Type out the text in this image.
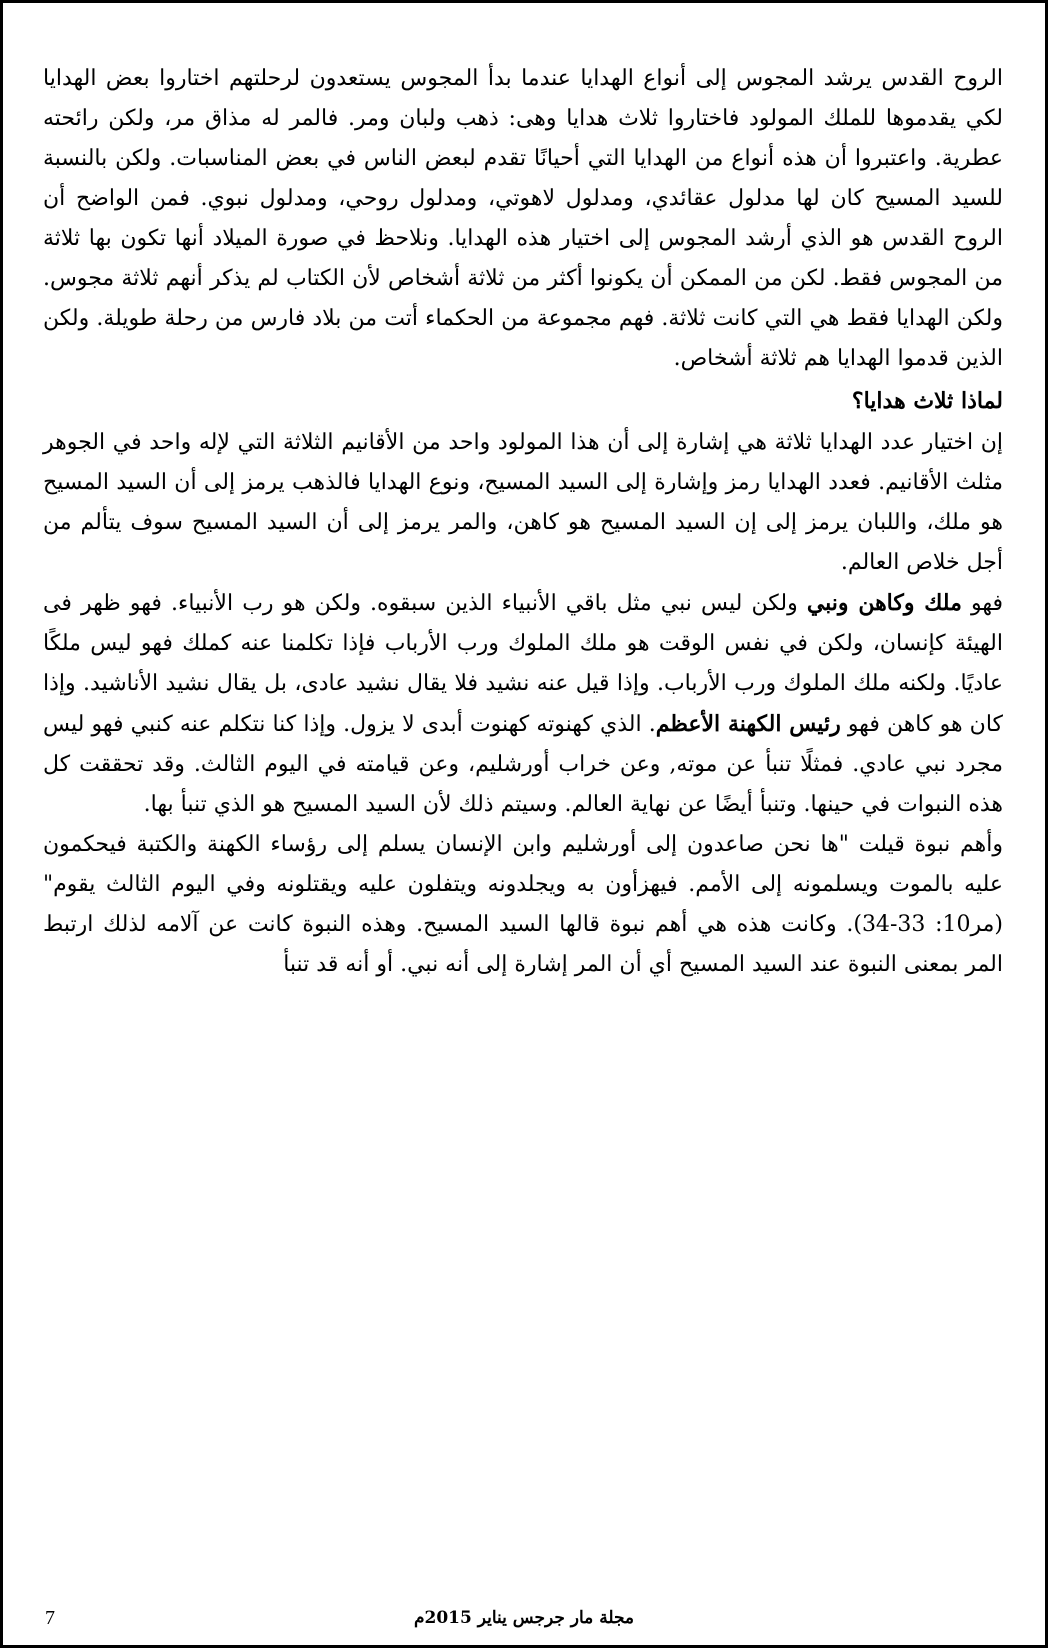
الروح القدس يرشد المجوس إلى أنواع الهدايا عندما بدأ المجوس يستعدون لرحلتهم اختاروا بعض الهدايا لكي يقدموها للملك المولود فاختاروا ثلاث هدايا وهى: ذهب ولبان ومر. فالمر له مذاق مر، ولكن رائحته عطرية. واعتبروا أن هذه أنواع من الهدايا التي أحيانًا تقدم لبعض الناس في بعض المناسبات. ولكن بالنسبة للسيد المسيح كان لها مدلول عقائدي، ومدلول لاهوتي، ومدلول روحي، ومدلول نبوي. فمن الواضح أن الروح القدس هو الذي أرشد المجوس إلى اختيار هذه الهدايا. ونلاحظ في صورة الميلاد أنها تكون بها ثلاثة من المجوس فقط. لكن من الممكن أن يكونوا أكثر من ثلاثة أشخاص لأن الكتاب لم يذكر أنهم ثلاثة مجوس. ولكن الهدايا فقط هي التي كانت ثلاثة. فهم مجموعة من الحكماء أتت من بلاد فارس من رحلة طويلة. ولكن الذين قدموا الهدايا هم ثلاثة أشخاص.

لماذا ثلاث هدايا؟

إن اختيار عدد الهدايا ثلاثة هي إشارة إلى أن هذا المولود واحد من الأقانيم الثلاثة التي لإله واحد في الجوهر مثلث الأقانيم. فعدد الهدايا رمز وإشارة إلى السيد المسيح، ونوع الهدايا فالذهب يرمز إلى أن السيد المسيح هو ملك، واللبان يرمز إلى إن السيد المسيح هو كاهن، والمر يرمز إلى أن السيد المسيح سوف يتألم من أجل خلاص العالم.

فهو ملك وكاهن ونبي ولكن ليس نبي مثل باقي الأنبياء الذين سبقوه. ولكن هو رب الأنبياء. فهو ظهر فى الهيئة كإنسان، ولكن في نفس الوقت هو ملك الملوك ورب الأرباب فإذا تكلمنا عنه كملك فهو ليس ملكًا عاديًا. ولكنه ملك الملوك ورب الأرباب. وإذا قيل عنه نشيد فلا يقال نشيد عادى، بل يقال نشيد الأناشيد. وإذا كان هو كاهن فهو رئيس الكهنة الأعظم. الذي كهنوته كهنوت أبدى لا يزول. وإذا كنا نتكلم عنه كنبي فهو ليس مجرد نبي عادي. فمثلًا تنبأ عن موته, وعن خراب أورشليم، وعن قيامته في اليوم الثالث. وقد تحققت كل هذه النبوات في حينها. وتنبأ أيضًا عن نهاية العالم. وسيتم ذلك لأن السيد المسيح هو الذي تنبأ بها.

وأهم نبوة قيلت "ها نحن صاعدون إلى أورشليم وابن الإنسان يسلم إلى رؤساء الكهنة والكتبة فيحكمون عليه بالموت ويسلمونه إلى الأمم. فيهزأون به ويجلدونه ويتفلون عليه ويقتلونه وفي اليوم الثالث يقوم" (مر10: 33-34). وكانت هذه هي أهم نبوة قالها السيد المسيح. وهذه النبوة كانت عن آلامه لذلك ارتبط المر بمعنى النبوة عند السيد المسيح أي أن المر إشارة إلى أنه نبي. أو أنه قد تنبأ

7	مجلة مار جرجس يناير 2015م
